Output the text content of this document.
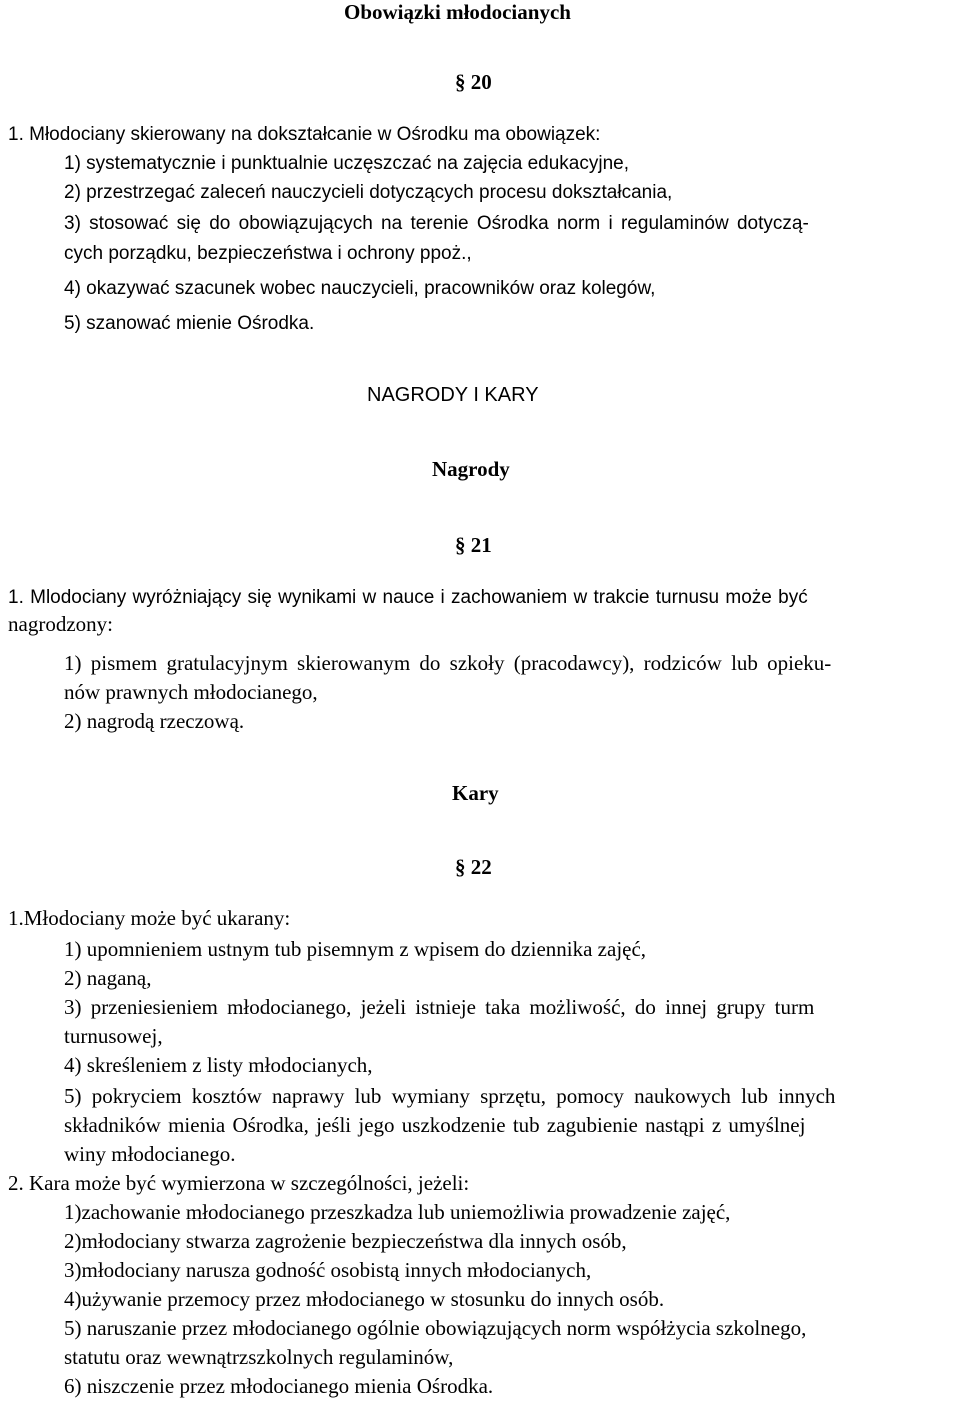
Obowiązki młodocianych
§ 20
1. Młodociany skierowany na dokształcanie w Ośrodku ma obowiązek:
1) systematycznie i punktualnie uczęszczać na zajęcia edukacyjne,
2) przestrzegać zaleceń nauczycieli dotyczących procesu dokształcania,
3) stosować się do obowiązujących na terenie Ośrodka norm i regulaminów dotyczą-
cych porządku, bezpieczeństwa i ochrony ppoż.,
4) okazywać szacunek wobec nauczycieli, pracowników oraz kolegów,
5) szanować mienie Ośrodka.
NAGRODY I KARY
Nagrody
§ 21
1. Mlodociany wyróżniający się wynikami w nauce i zachowaniem w trakcie turnusu może być
nagrodzony:
1) pismem gratulacyjnym skierowanym do szkoły (pracodawcy), rodziców lub opieku-
nów prawnych młodocianego,
2) nagrodą rzeczową.
Kary
§ 22
1.Młodociany może być ukarany:
1) upomnieniem ustnym tub pisemnym z wpisem do dziennika zajęć,
2) naganą,
3) przeniesieniem młodocianego, jeżeli istnieje taka możliwość, do innej grupy turm
turnusowej,
4) skreśleniem z listy młodocianych,
5) pokryciem kosztów naprawy lub wymiany sprzętu, pomocy naukowych lub innych
składników mienia Ośrodka, jeśli jego uszkodzenie tub zagubienie nastąpi z umyślnej
winy młodocianego.
2. Kara może być wymierzona w szczególności, jeżeli:
1)zachowanie młodocianego przeszkadza lub uniemożliwia prowadzenie zajęć,
2)młodociany stwarza zagrożenie bezpieczeństwa dla innych osób,
3)młodociany narusza godność osobistą innych młodocianych,
4)używanie przemocy przez młodocianego w stosunku do innych osób.
5) naruszanie przez młodocianego ogólnie obowiązujących norm współżycia szkolnego,
statutu oraz wewnątrzszkolnych regulaminów,
6) niszczenie przez młodocianego mienia Ośrodka.
